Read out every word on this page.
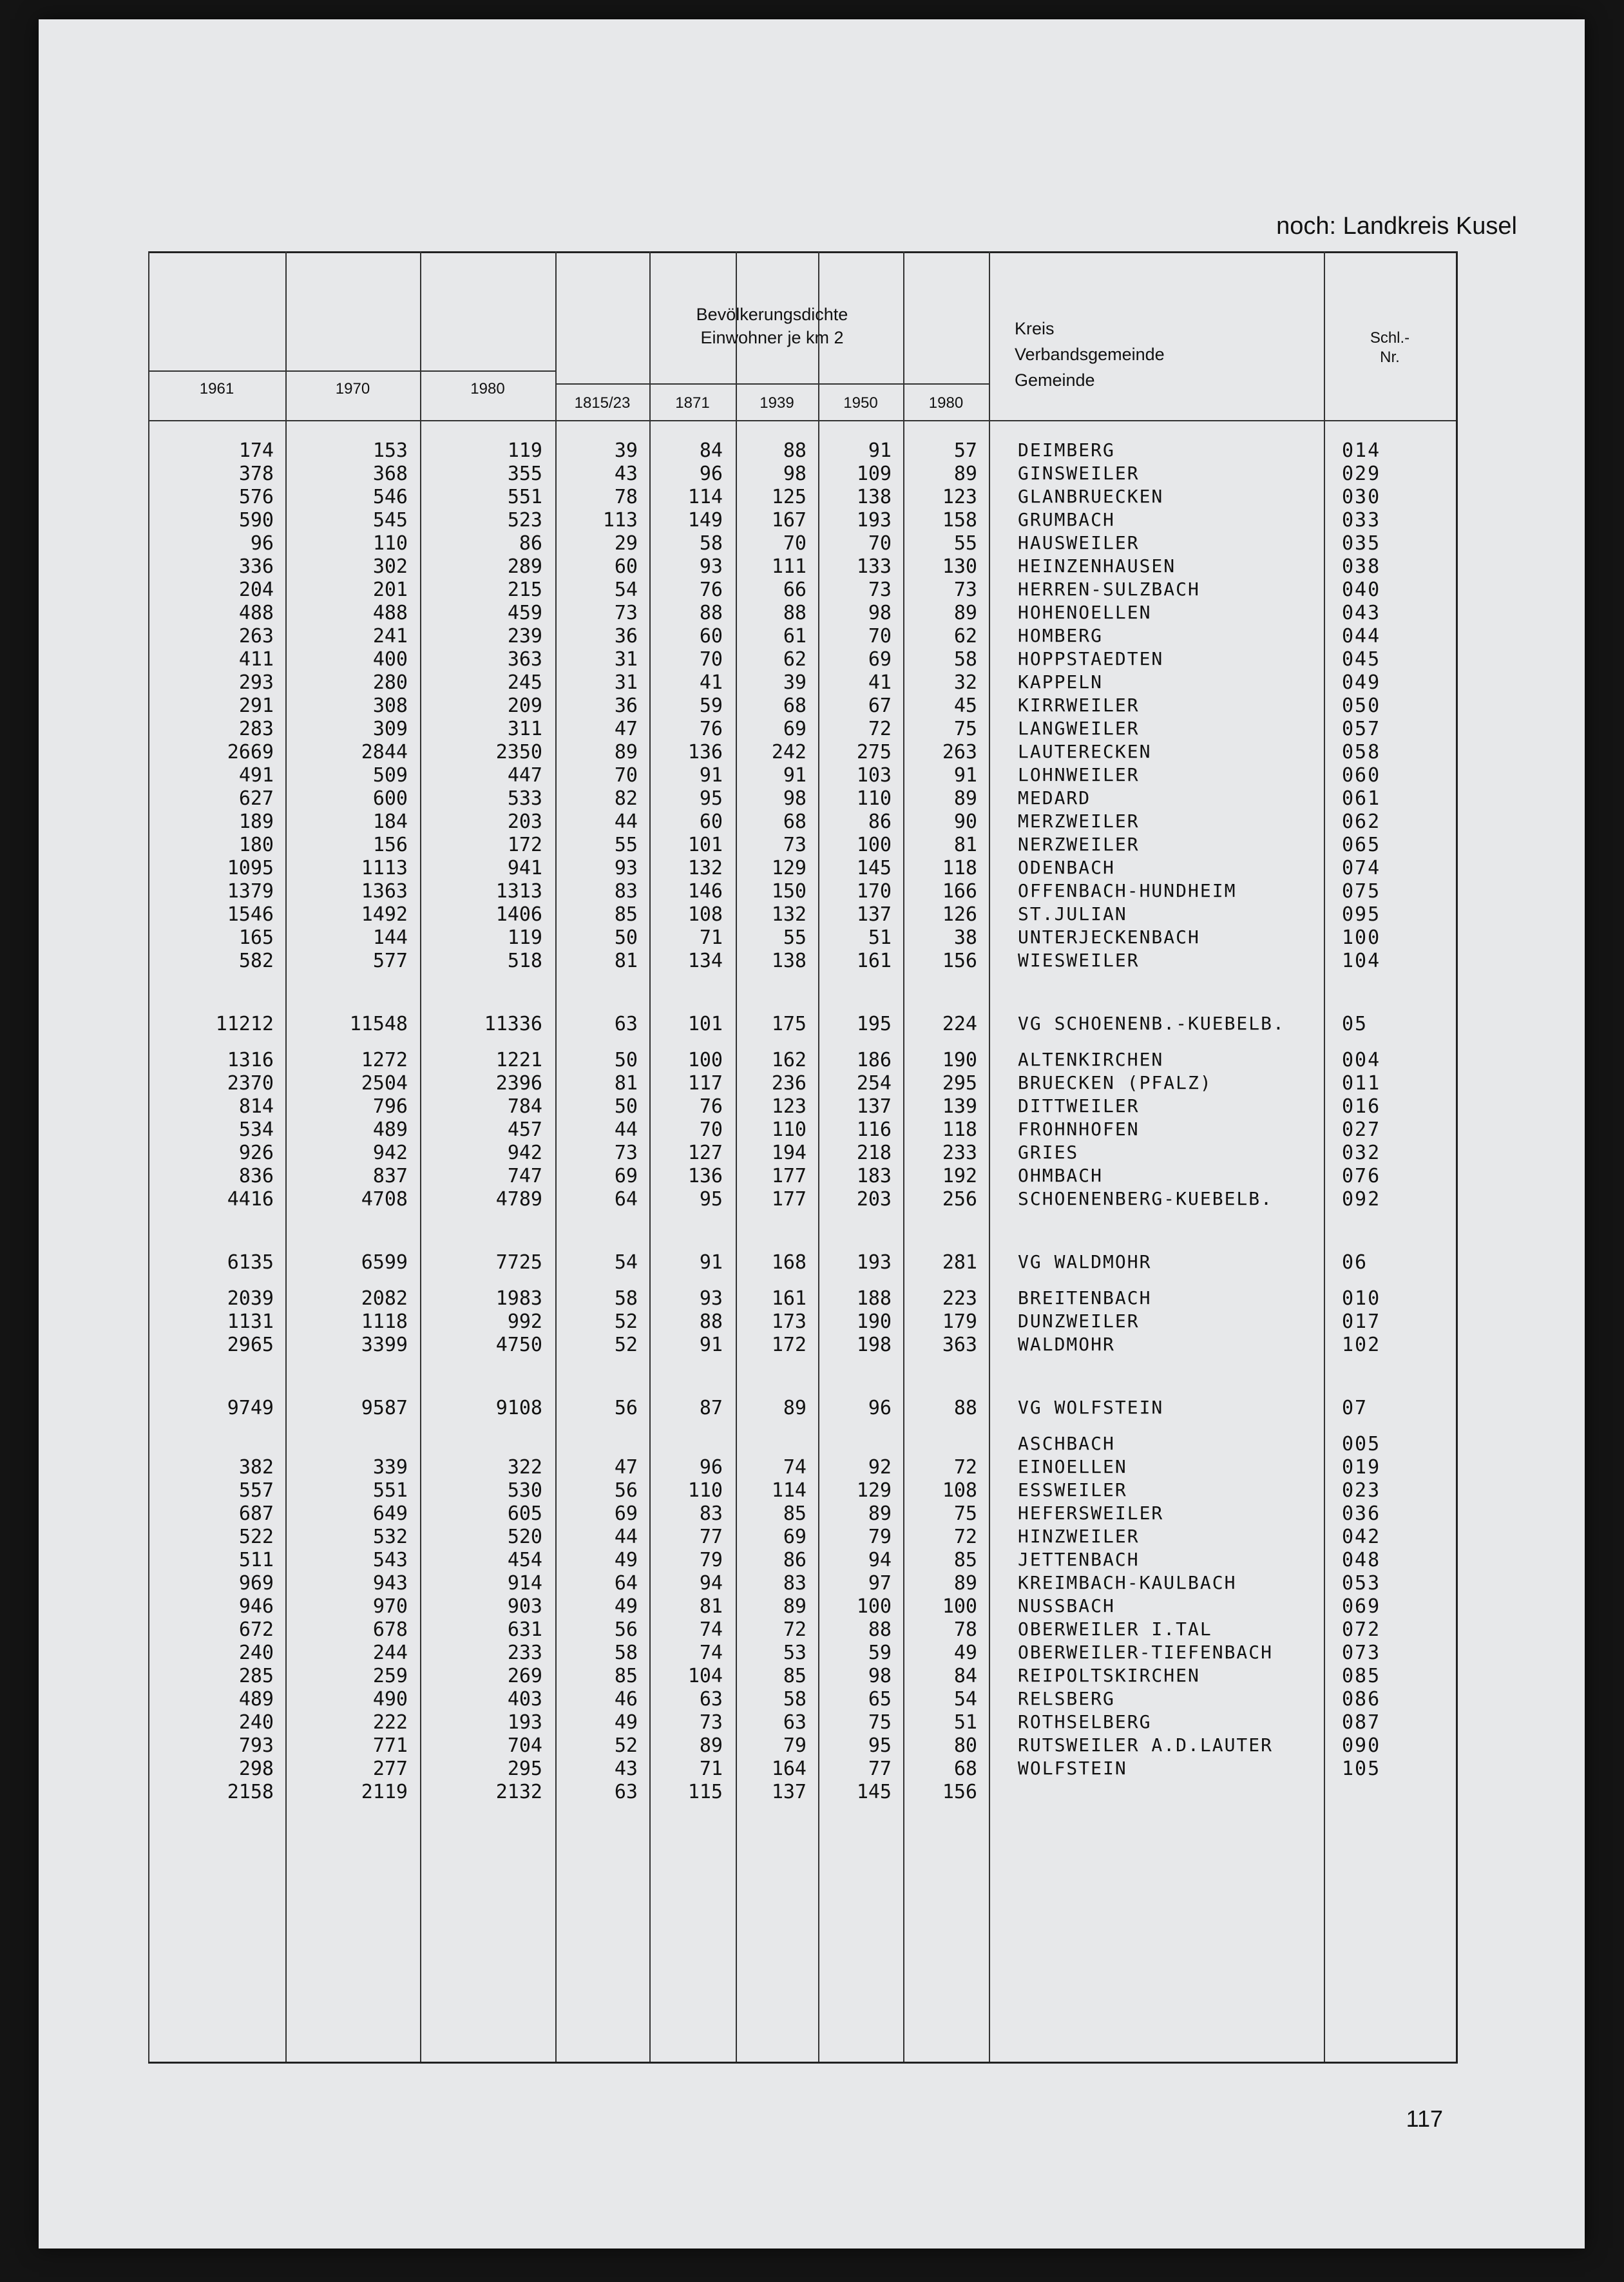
noch: Landkreis Kusel
Bevölkerungsdichte
Einwohner je km 2
1961	1970	1980
1815/23	1871	1939	1950	1980
Kreis
Verbandsgemeinde
Gemeinde
Schl.-
Nr.
174	153	119	39	84	88	91	57 DEIMBERG	014
378	368	355	43	96	98	109	89 GINSWEILER	029
576	546	551	78	114	125	138	123 GLANBRUECKEN	030
590	545	523	113	149	167	193	158 GRUMBACH	033
96	110	86	29	58	70	70	55 HAUSWEILER	035
336	302	289	60	93	111	133	130 HEINZENHAUSEN	038
204	201	215	54	76	66	73	73 HERREN-SULZBACH	040
488	488	459	73	88	88	98	89 HOHENOELLEN	043
263	241	239	36	60	61	70	62 HOMBERG	044
411	400	363	31	70	62	69	58 HOPPSTAEDTEN	045
293	280	245	31	41	39	41	32 KAPPELN	049
291	308	209	36	59	68	67	45 KIRRWEILER	050
283	309	311	47	76	69	72	75 LANGWEILER	057
2669	2844	2350	89	136	242	275	263 LAUTERECKEN	058
491	509	447	70	91	91	103	91 LOHNWEILER	060
627	600	533	82	95	98	110	89 MEDARD	061
189	184	203	44	60	68	86	90 MERZWEILER	062
180	156	172	55	101	73	100	81 NERZWEILER	065
1095	1113	941	93	132	129	145	118 ODENBACH	074
1379	1363	1313	83	146	150	170	166 OFFENBACH-HUNDHEIM	075
1546	1492	1406	85	108	132	137	126 ST.JULIAN	095
165	144	119	50	71	55	51	38 UNTERJECKENBACH	100
582	577	518	81	134	138	161	156 WIESWEILER	104
11212	11548	11336	63	101	175	195	224 VG SCHOENENB.-KUEBELB.	05
1316	1272	1221	50	100	162	186	190 ALTENKIRCHEN	004
2370	2504	2396	81	117	236	254	295 BRUECKEN (PFALZ)	011
814	796	784	50	76	123	137	139 DITTWEILER	016
534	489	457	44	70	110	116	118 FROHNHOFEN	027
926	942	942	73	127	194	218	233 GRIES	032
836	837	747	69	136	177	183	192 OHMBACH	076
4416	4708	4789	64	95	177	203	256 SCHOENENBERG-KUEBELB.	092
6135	6599	7725	54	91	168	193	281 VG WALDMOHR	06
2039	2082	1983	58	93	161	188	223 BREITENBACH	010
1131	1118	992	52	88	173	190	179 DUNZWEILER	017
2965	3399	4750	52	91	172	198	363 WALDMOHR	102
9749	9587	9108	56	87	89	96	88 VG WOLFSTEIN	07
ASCHBACH	005
382	339	322	47	96	74	92	72 EINOELLEN	019
557	551	530	56	110	114	129	108 ESSWEILER	023
687	649	605	69	83	85	89	75 HEFERSWEILER	036
522	532	520	44	77	69	79	72 HINZWEILER	042
511	543	454	49	79	86	94	85 JETTENBACH	048
969	943	914	64	94	83	97	89 KREIMBACH-KAULBACH	053
946	970	903	49	81	89	100	100 NUSSBACH	069
672	678	631	56	74	72	88	78 OBERWEILER I.TAL	072
240	244	233	58	74	53	59	49 OBERWEILER-TIEFENBACH	073
285	259	269	85	104	85	98	84 REIPOLTSKIRCHEN	085
489	490	403	46	63	58	65	54 RELSBERG	086
240	222	193	49	73	63	75	51 ROTHSELBERG	087
793	771	704	52	89	79	95	80 RUTSWEILER A.D.LAUTER	090
298	277	295	43	71	164	77	68 WOLFSTEIN	105
2158	2119	2132	63	115	137	145	156
117
